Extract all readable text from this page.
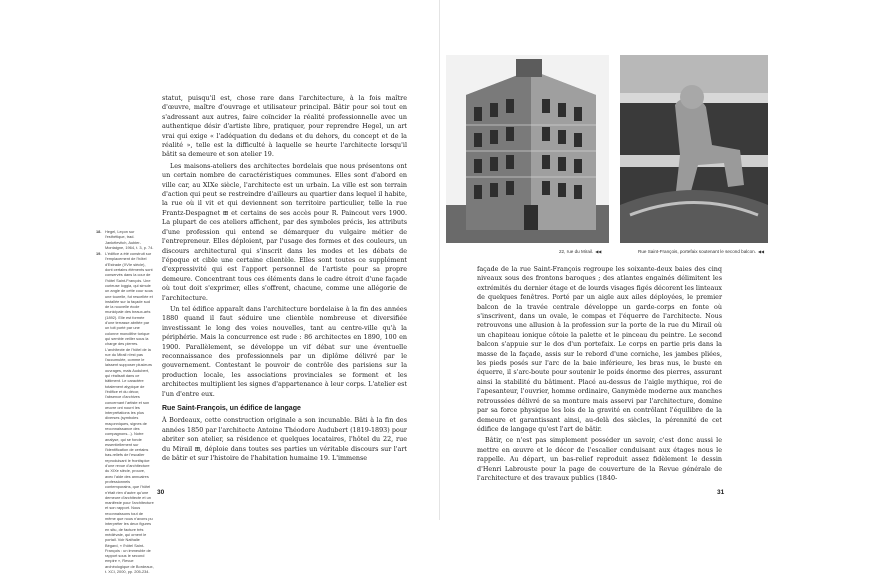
statut, puisqu'il est, chose rare dans l'architecture, à la fois maître d'œuvre, maître d'ouvrage et utilisateur principal. Bâtir pour soi tout en s'adressant aux autres, faire coïncider la réalité professionnelle avec un authentique désir d'artiste libre, pratiquer, pour reprendre Hegel, un art vrai qui exige « l'adéquation du dedans et du dehors, du concept et de la réalité », telle est la difficulté à laquelle se heurte l'architecte lorsqu'il bâtit sa demeure et son atelier 19.

Les maisons-ateliers des architectes bordelais que nous présentons ont un certain nombre de caractéristiques communes. Elles sont d'abord en ville car, au XIXe siècle, l'architecte est un urbain. La ville est son terrain d'action qui peut se restreindre d'ailleurs au quartier dans lequel il habite, la rue où il vit et qui deviennent son territoire particulier, telle la rue Frantz-Despagnet ⊞ et certains de ses accès pour R. Paincout vers 1900. La plupart de ces ateliers affichent, par des symboles précis, les attributs d'une profession qui entend se démarquer du vulgaire métier de l'entrepreneur. Elles déploient, par l'usage des formes et des couleurs, un discours architectural qui s'inscrit dans les modes et les débats de l'époque et cible une certaine clientèle. Elles sont toutes ce supplément d'expressivité qui est l'apport personnel de l'artiste pour sa propre demeure. Concentrant tous ces éléments dans le cadre étroit d'une façade où tout doit s'exprimer, elles s'offrent, chacune, comme une allégorie de l'architecture.

Un tel édifice apparaît dans l'architecture bordelaise à la fin des années 1880 quand il faut séduire une clientèle nombreuse et diversifiée investissant le long des voies nouvelles, tant au centre-ville qu'à la périphérie. Mais la concurrence est rude : 86 architectes en 1890, 100 en 1900. Parallèlement, se développe un vif débat sur une éventuelle reconnaissance des professionnels par un diplôme délivré par le gouvernement. Contestant le pouvoir de contrôle des parisiens sur la production locale, les associations provinciales se forment et les architectes multiplient les signes d'appartenance à leur corps. L'atelier est l'un d'entre eux.

Rue Saint-François, un édifice de langage

À Bordeaux, cette construction originale a son incunable. Bâti à la fin des années 1850 par l'architecte Antoine Théodore Audubert (1819-1893) pour abriter son atelier, sa résidence et quelques locataires, l'hôtel du 22, rue du Mirail ⊞, déploie dans toutes ses parties un véritable discours sur l'art de bâtir et sur l'histoire de l'habitation humaine 19. L'immense

18. Hegel, Leçon sur l'esthétique, trad. Jankélevitch, Aubier-Montaigne, 1964, t. 3, p. 74.
19. L'édifice a été construit sur l'emplacement de l'hôtel d'Estrade (XVIe siècle), dont certains éléments sont conservés dans la cour de l'hôtel Saint-François. Une curieuse loggia, qui simule un angle de cette cour sous une tourelle, fut rescellée et installée sur la façade sud de la nouvelle école municipale des beaux-arts (1892). Elle est formée d'une terrasse abritée par un toit porté par une colonne monolithe torique qui semble veiller sous la charge des pierres. L'architecte de l'hôtel de la rue du Mirail n'est pas l'accumulée, comme le laissent supposer plusieurs ouvrages, mais Audubert, qui réalisait dans ce bâtiment. Le caractère totalement atypique de l'édifice et du décor, l'absence d'archives concernant l'artiste et son œuvre ont nourri les interprétations les plus diverses (symboles maçonniques, signes de reconnaissance des compagnons...). Notre analyse, qui se fonde essentiellement sur l'identification de certains bas-reliefs de l'escalier reproduisant le frontispice d'une revue d'architecture du XIXe siècle, prouve, avec l'aide des annuaires professionnels contemporains, que l'hôtel n'était rien d'autre qu'une demeure d'architecte et un manifeste pour l'architecture et son rapport. Nous reconnaissons tout de même que nous n'avons pu interpréter les deux figures en situ, de facture très médiévale, qui ornent le portail. Voir Nathalie Bégard, « l'hôtel Saint-François : un immeuble de rapport sous le second empire », Revue archéologique de Bordeaux, t. XCI, 2000, pp. 205-234.
30
22, rue du Mirail. ◀◀	Rue Saint-François, portefaix soutenant le second balcon. ◀◀

façade de la rue Saint-François regroupe les soixante-deux baies des cinq niveaux sous des frontons baroques ; des atlantes engainés délimitent les extrémités du dernier étage et de lourds visages figés décorent les linteaux de quelques fenêtres. Porté par un aigle aux ailes déployées, le premier balcon de la travée centrale développe un garde-corps en fonte où s'inscrivent, dans un ovale, le compas et l'équerre de l'architecte. Nous retrouvons une allusion à la profession sur la porte de la rue du Mirail où un chapiteau ionique côtoie la palette et le pinceau du peintre. Le second balcon s'appuie sur le dos d'un portefaix. Le corps en partie pris dans la masse de la façade, assis sur le rebord d'une corniche, les jambes pliées, les pieds posés sur l'arc de la baie inférieure, les bras nus, le buste en équerre, il s'arc-boute pour soutenir le poids énorme des pierres, assurant ainsi la stabilité du bâtiment. Placé au-dessus de l'aigle mythique, roi de l'apesanteur, l'ouvrier, homme ordinaire, Ganymède moderne aux manches retroussées délivré de sa monture mais asservi par l'architecture, domine par sa force physique les lois de la gravité en contrôlant l'équilibre de la demeure et garantissant ainsi, au-delà des siècles, la pérennité de cet édifice de langage qu'est l'art de bâtir.

Bâtir, ce n'est pas simplement posséder un savoir, c'est donc aussi le mettre en œuvre et le décor de l'escalier conduisant aux étages nous le rappelle. Au départ, un bas-relief reproduit assez fidèlement le dessin d'Henri Labrouste pour la page de couverture de la Revue générale de l'architecture et des travaux publics (1840-

31
